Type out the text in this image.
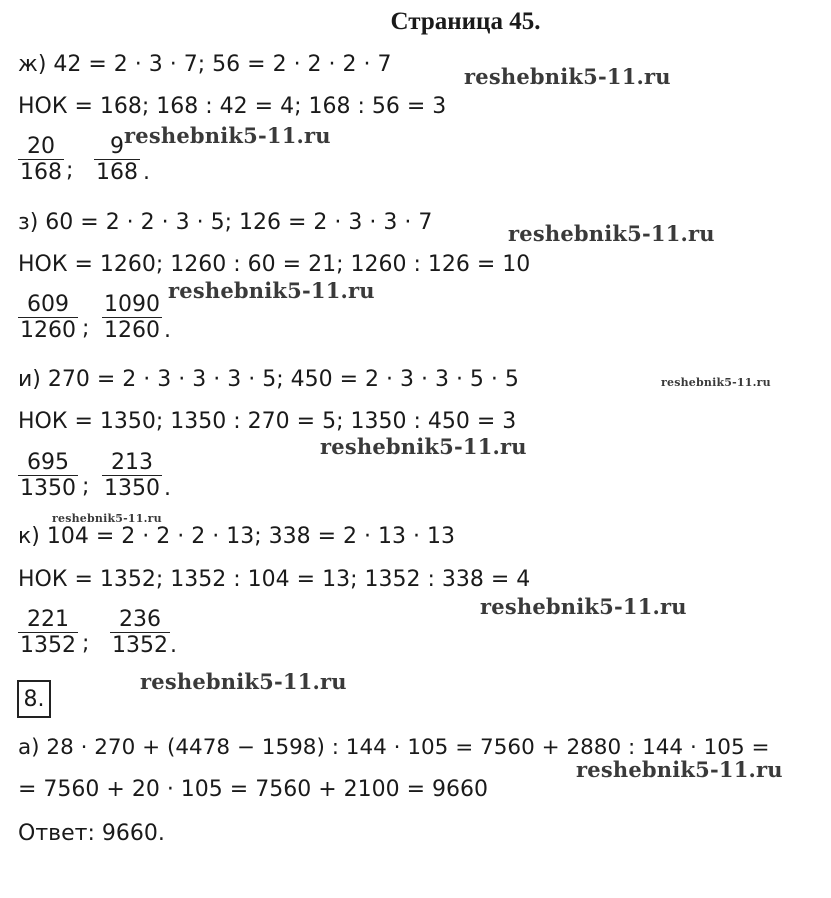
Страница 45.
ж) 42 = 2 · 3 · 7; 56 = 2 · 2 · 2 · 7
НОК = 168; 168 : 42 = 4; 168 : 56 = 3
$\frac{20}{168}$ ; $\frac{9}{168}$ .
з) 60 = 2 · 2 · 3 · 5; 126 = 2 · 3 · 3 · 7
НОК = 1260; 1260 : 60 = 21; 1260 : 126 = 10
$\frac{609}{1260}$ ; $\frac{1090}{1260}$ .
и) 270 = 2 · 3 · 3 · 3 · 5; 450 = 2 · 3 · 3 · 5 · 5
НОК = 1350; 1350 : 270 = 5; 1350 : 450 = 3
$\frac{695}{1350}$ ; $\frac{213}{1350}$ .
к) 104 = 2 · 2 · 2 · 13; 338 = 2 · 13 · 13
НОК = 1352; 1352 : 104 = 13; 1352 : 338 = 4
$\frac{221}{1352}$ ; $\frac{236}{1352}$ .
8.
а) 28 · 270 + (4478 − 1598) : 144 · 105 = 7560 + 2880 : 144 · 105 =
= 7560 + 20 · 105 = 7560 + 2100 = 9660
Ответ: 9660.
reshebnik5-11.ru
reshebnik5-11.ru
reshebnik5-11.ru
reshebnik5-11.ru
reshebnik5-11.ru
reshebnik5-11.ru
reshebnik5-11.ru
reshebnik5-11.ru
reshebnik5-11.ru
reshebnik5-11.ru
